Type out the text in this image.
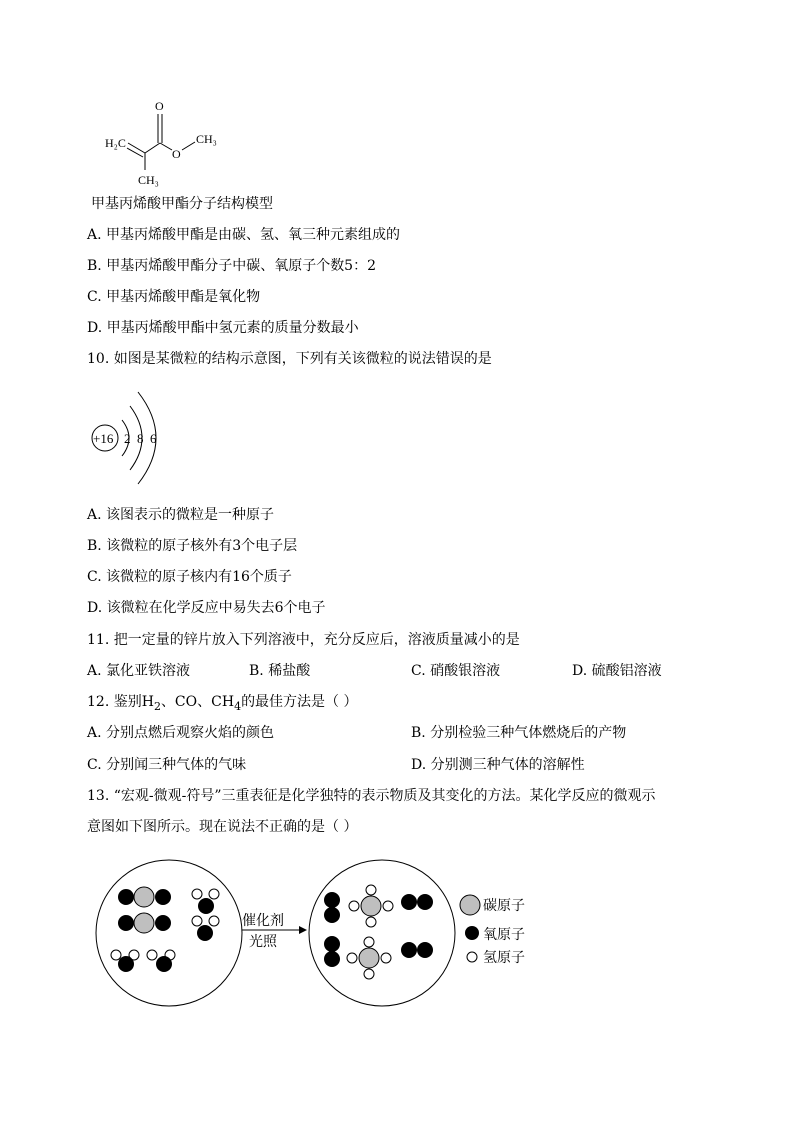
H₂C
O
O
CH₃
CH₃
甲基丙烯酸甲酯分子结构模型
A. 甲基丙烯酸甲酯是由碳、氢、氧三种元素组成的
B. 甲基丙烯酸甲酯分子中碳、氧原子个数5：2
C. 甲基丙烯酸甲酯是氧化物
D. 甲基丙烯酸甲酯中氢元素的质量分数最小
10. 如图是某微粒的结构示意图，下列有关该微粒的说法错误的是
+16 2 8 6
A. 该图表示的微粒是一种原子
B. 该微粒的原子核外有3个电子层
C. 该微粒的原子核内有16个质子
D. 该微粒在化学反应中易失去6个电子
11. 把一定量的锌片放入下列溶液中，充分反应后，溶液质量减小的是
A. 氯化亚铁溶液	B. 稀盐酸	C. 硝酸银溶液	D. 硫酸铝溶液
12. 鉴别$H_2$、CO、$CH_4$的最佳方法是（ ）
A. 分别点燃后观察火焰的颜色	B. 分别检验三种气体燃烧后的产物
C. 分别闻三种气体的气味	D. 分别测三种气体的溶解性
13. “宏观-微观-符号”三重表征是化学独特的表示物质及其变化的方法。某化学反应的微观示
意图如下图所示。现在说法不正确的是（ ）
催化剂
光照
碳原子
氧原子
氢原子
